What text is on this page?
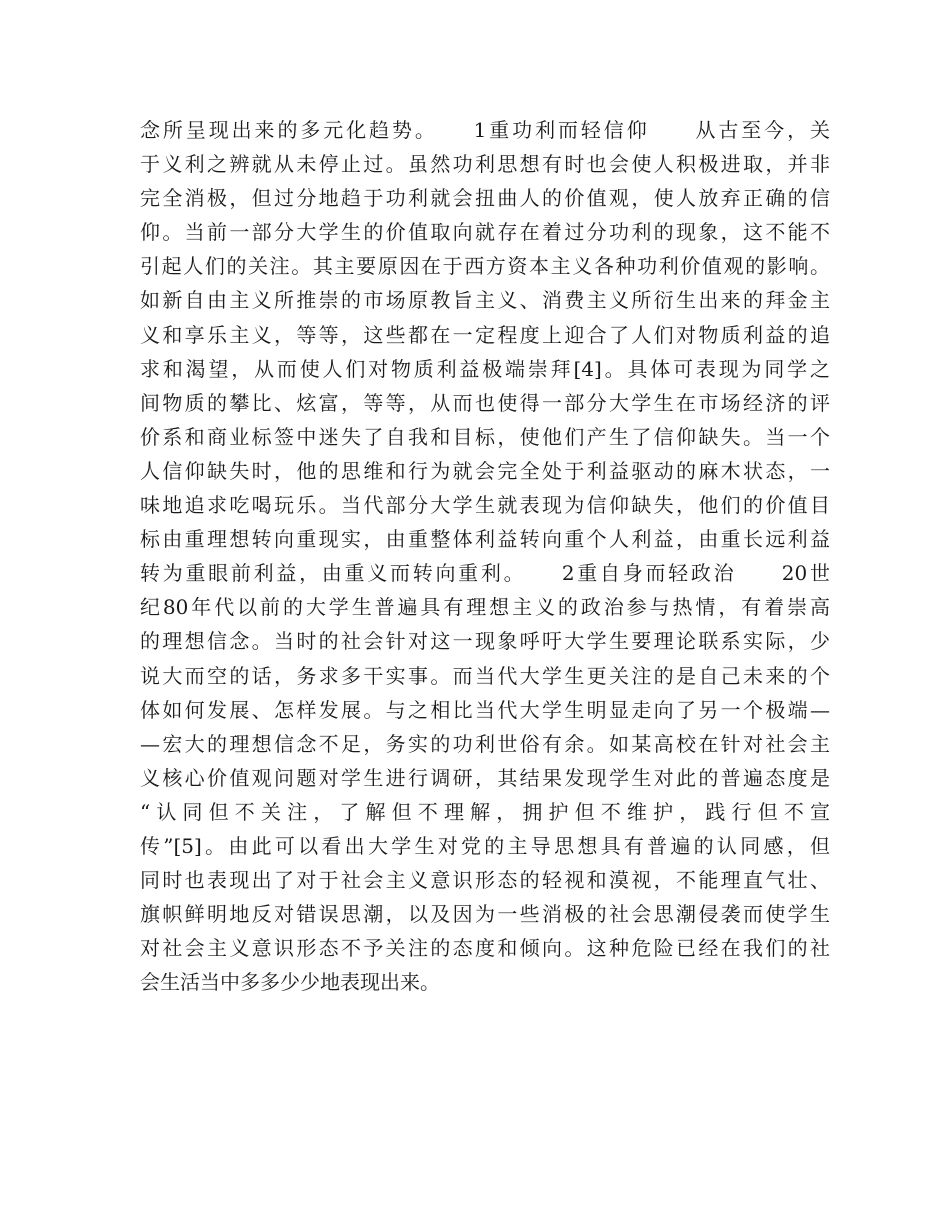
念所呈现出来的多元化趋势。　　1重功利而轻信仰　　从古至今，关
于义利之辨就从未停止过。虽然功利思想有时也会使人积极进取，并非
完全消极，但过分地趋于功利就会扭曲人的价值观，使人放弃正确的信
仰。当前一部分大学生的价值取向就存在着过分功利的现象，这不能不
引起人们的关注。其主要原因在于西方资本主义各种功利价值观的影响。
如新自由主义所推崇的市场原教旨主义、消费主义所衍生出来的拜金主
义和享乐主义，等等，这些都在一定程度上迎合了人们对物质利益的追
求和渴望，从而使人们对物质利益极端崇拜[4]。具体可表现为同学之
间物质的攀比、炫富，等等，从而也使得一部分大学生在市场经济的评
价系和商业标签中迷失了自我和目标，使他们产生了信仰缺失。当一个
人信仰缺失时，他的思维和行为就会完全处于利益驱动的麻木状态，一
味地追求吃喝玩乐。当代部分大学生就表现为信仰缺失，他们的价值目
标由重理想转向重现实，由重整体利益转向重个人利益，由重长远利益
转为重眼前利益，由重义而转向重利。　　2重自身而轻政治　　20世
纪80年代以前的大学生普遍具有理想主义的政治参与热情，有着崇高
的理想信念。当时的社会针对这一现象呼吁大学生要理论联系实际，少
说大而空的话，务求多干实事。而当代大学生更关注的是自己未来的个
体如何发展、怎样发展。与之相比当代大学生明显走向了另一个极端—
—宏大的理想信念不足，务实的功利世俗有余。如某高校在针对社会主
义核心价值观问题对学生进行调研，其结果发现学生对此的普遍态度是
“认同但不关注，了解但不理解，拥护但不维护，践行但不宣
传”[5]。由此可以看出大学生对党的主导思想具有普遍的认同感，但
同时也表现出了对于社会主义意识形态的轻视和漠视，不能理直气壮、
旗帜鲜明地反对错误思潮，以及因为一些消极的社会思潮侵袭而使学生
对社会主义意识形态不予关注的态度和倾向。这种危险已经在我们的社
会生活当中多多少少地表现出来。
